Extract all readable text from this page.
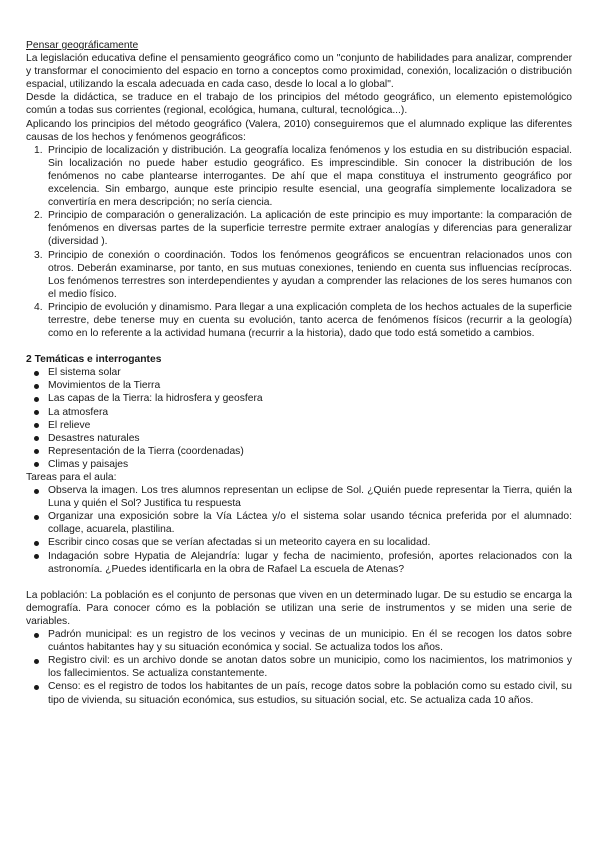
Pensar geográficamente

La legislación educativa define el pensamiento geográfico como un "conjunto de habilidades para analizar, comprender y transformar el conocimiento del espacio en torno a conceptos como proximidad, conexión, localización o distribución espacial, utilizando la escala adecuada en cada caso, desde lo local a lo global".

Desde la didáctica, se traduce en el trabajo de los principios del método geográfico, un elemento epistemológico común a todas sus corrientes (regional, ecológica, humana, cultural, tecnológica...).

Aplicando los principios del método geográfico (Valera, 2010) conseguiremos que el alumnado explique las diferentes causas de los hechos y fenómenos geográficos:

1. Principio de localización y distribución. La geografía localiza fenómenos y los estudia en su distribución espacial. Sin localización no puede haber estudio geográfico. Es imprescindible. Sin conocer la distribución de los fenómenos no cabe plantearse interrogantes. De ahí que el mapa constituya el instrumento geográfico por excelencia. Sin embargo, aunque este principio resulte esencial, una geografía simplemente localizadora se convertiría en mera descripción; no sería ciencia.
2. Principio de comparación o generalización. La aplicación de este principio es muy importante: la comparación de fenómenos en diversas partes de la superficie terrestre permite extraer analogías y diferencias para generalizar (diversidad ).
3. Principio de conexión o coordinación. Todos los fenómenos geográficos se encuentran relacionados unos con otros. Deberán examinarse, por tanto, en sus mutuas conexiones, teniendo en cuenta sus influencias recíprocas. Los fenómenos terrestres son interdependientes y ayudan a comprender las relaciones de los seres humanos con el medio físico.
4. Principio de evolución y dinamismo. Para llegar a una explicación completa de los hechos actuales de la superficie terrestre, debe tenerse muy en cuenta su evolución, tanto acerca de fenómenos físicos (recurrir a la geología) como en lo referente a la actividad humana (recurrir a la historia), dado que todo está sometido a cambios.

2 Temáticas e interrogantes

El sistema solar
Movimientos de la Tierra
Las capas de la Tierra: la hidrosfera y geosfera
La atmosfera
El relieve
Desastres naturales
Representación de la Tierra (coordenadas)
Climas y paisajes

Tareas para el aula:

Observa la imagen. Los tres alumnos representan un eclipse de Sol. ¿Quién puede representar la Tierra, quién la Luna y quién el Sol? Justifica tu respuesta
Organizar una exposición sobre la Vía Láctea y/o el sistema solar usando técnica preferida por el alumnado: collage, acuarela, plastilina.
Escribir cinco cosas que se verían afectadas si un meteorito cayera en su localidad.
Indagación sobre Hypatia de Alejandría: lugar y fecha de nacimiento, profesión, aportes relacionados con la astronomía. ¿Puedes identificarla en la obra de Rafael La escuela de Atenas?

La población: La población es el conjunto de personas que viven en un determinado lugar. De su estudio se encarga la demografía. Para conocer cómo es la población se utilizan una serie de instrumentos y se miden una serie de variables.

Padrón municipal: es un registro de los vecinos y vecinas de un municipio. En él se recogen los datos sobre cuántos habitantes hay y su situación económica y social. Se actualiza todos los años.
Registro civil: es un archivo donde se anotan datos sobre un municipio, como los nacimientos, los matrimonios y los fallecimientos. Se actualiza constantemente.
Censo: es el registro de todos los habitantes de un país, recoge datos sobre la población como su estado civil, su tipo de vivienda, su situación económica, sus estudios, su situación social, etc. Se actualiza cada 10 años.
